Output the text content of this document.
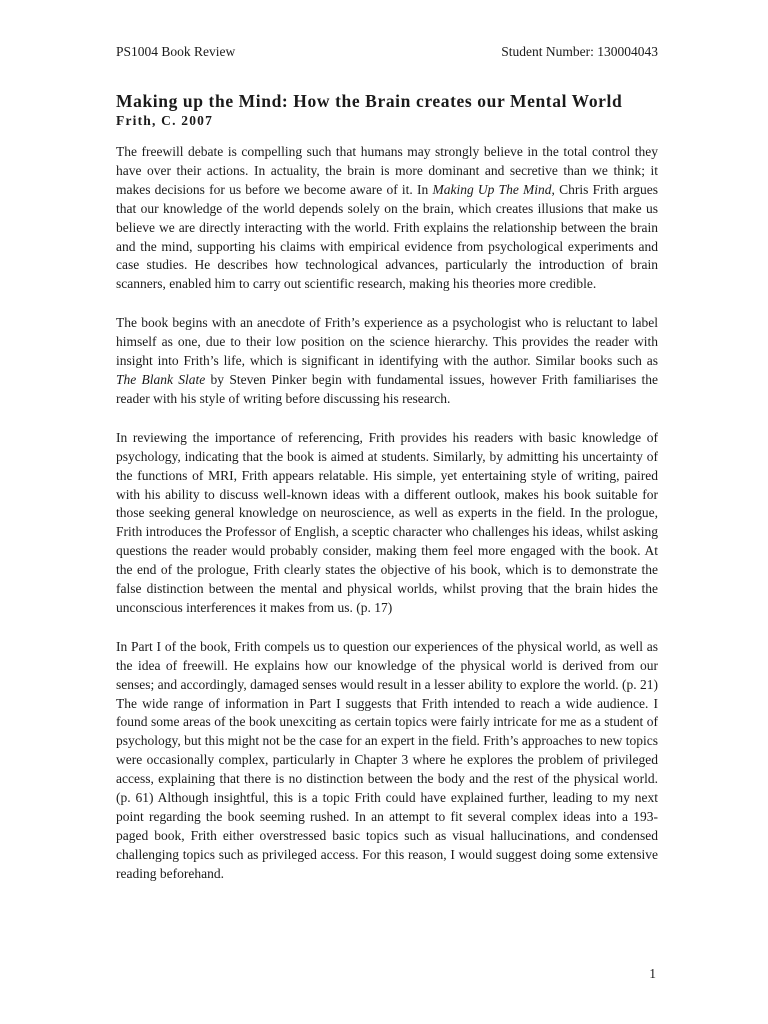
PS1004 Book Review	Student Number: 130004043
Making up the Mind: How the Brain creates our Mental World

Frith, C. 2007

The freewill debate is compelling such that humans may strongly believe in the total control they have over their actions. In actuality, the brain is more dominant and secretive than we think; it makes decisions for us before we become aware of it. In Making Up The Mind, Chris Frith argues that our knowledge of the world depends solely on the brain, which creates illusions that make us believe we are directly interacting with the world. Frith explains the relationship between the brain and the mind, supporting his claims with empirical evidence from psychological experiments and case studies. He describes how technological advances, particularly the introduction of brain scanners, enabled him to carry out scientific research, making his theories more credible.

The book begins with an anecdote of Frith’s experience as a psychologist who is reluctant to label himself as one, due to their low position on the science hierarchy. This provides the reader with insight into Frith’s life, which is significant in identifying with the author. Similar books such as The Blank Slate by Steven Pinker begin with fundamental issues, however Frith familiarises the reader with his style of writing before discussing his research.

In reviewing the importance of referencing, Frith provides his readers with basic knowledge of psychology, indicating that the book is aimed at students. Similarly, by admitting his uncertainty of the functions of MRI, Frith appears relatable. His simple, yet entertaining style of writing, paired with his ability to discuss well-known ideas with a different outlook, makes his book suitable for those seeking general knowledge on neuroscience, as well as experts in the field. In the prologue, Frith introduces the Professor of English, a sceptic character who challenges his ideas, whilst asking questions the reader would probably consider, making them feel more engaged with the book. At the end of the prologue, Frith clearly states the objective of his book, which is to demonstrate the false distinction between the mental and physical worlds, whilst proving that the brain hides the unconscious interferences it makes from us. (p. 17)

In Part I of the book, Frith compels us to question our experiences of the physical world, as well as the idea of freewill. He explains how our knowledge of the physical world is derived from our senses; and accordingly, damaged senses would result in a lesser ability to explore the world. (p. 21) The wide range of information in Part I suggests that Frith intended to reach a wide audience. I found some areas of the book unexciting as certain topics were fairly intricate for me as a student of psychology, but this might not be the case for an expert in the field. Frith’s approaches to new topics were occasionally complex, particularly in Chapter 3 where he explores the problem of privileged access, explaining that there is no distinction between the body and the rest of the physical world. (p. 61) Although insightful, this is a topic Frith could have explained further, leading to my next point regarding the book seeming rushed. In an attempt to fit several complex ideas into a 193-paged book, Frith either overstressed basic topics such as visual hallucinations, and condensed challenging topics such as privileged access. For this reason, I would suggest doing some extensive reading beforehand.

1
